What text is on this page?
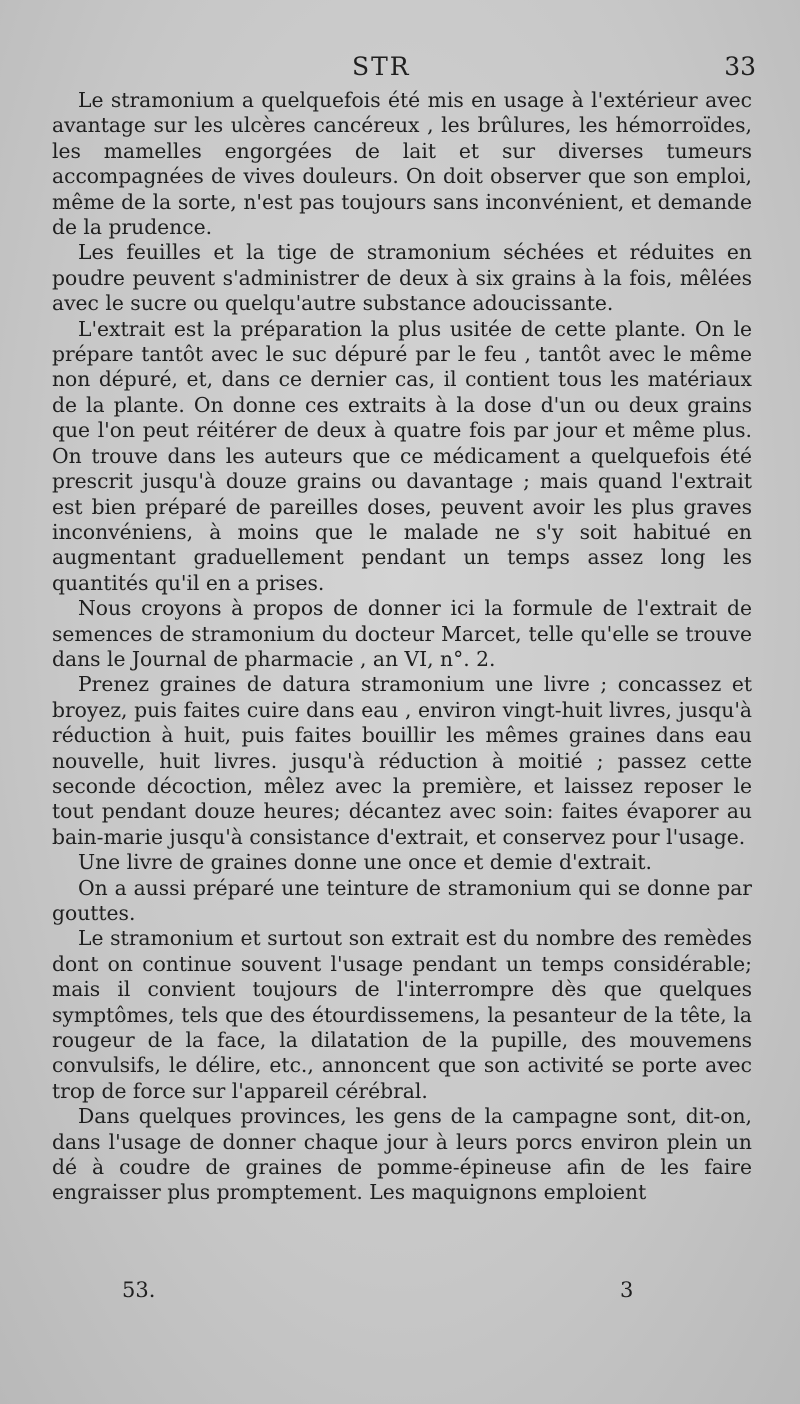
STR	33

Le stramonium a quelquefois été mis en usage à l'extérieur avec avantage sur les ulcères cancéreux , les brûlures, les hémorroïdes, les mamelles engorgées de lait et sur diverses tumeurs accompagnées de vives douleurs. On doit observer que son emploi, même de la sorte, n'est pas toujours sans inconvénient, et demande de la prudence.

Les feuilles et la tige de stramonium séchées et réduites en poudre peuvent s'administrer de deux à six grains à la fois, mêlées avec le sucre ou quelqu'autre substance adoucissante.

L'extrait est la préparation la plus usitée de cette plante. On le prépare tantôt avec le suc dépuré par le feu , tantôt avec le même non dépuré, et, dans ce dernier cas, il contient tous les matériaux de la plante. On donne ces extraits à la dose d'un ou deux grains que l'on peut réitérer de deux à quatre fois par jour et même plus. On trouve dans les auteurs que ce médicament a quelquefois été prescrit jusqu'à douze grains ou davantage ; mais quand l'extrait est bien préparé de pareilles doses, peuvent avoir les plus graves inconvéniens, à moins que le malade ne s'y soit habitué en augmentant graduellement pendant un temps assez long les quantités qu'il en a prises.

Nous croyons à propos de donner ici la formule de l'extrait de semences de stramonium du docteur Marcet, telle qu'elle se trouve dans le Journal de pharmacie , an VI, n°. 2.

Prenez graines de datura stramonium une livre ; concassez et broyez, puis faites cuire dans eau , environ vingt-huit livres, jusqu'à réduction à huit, puis faites bouillir les mêmes graines dans eau nouvelle, huit livres. jusqu'à réduction à moitié ; passez cette seconde décoction, mêlez avec la première, et laissez reposer le tout pendant douze heures; décantez avec soin: faites évaporer au bain-marie jusqu'à consistance d'extrait, et conservez pour l'usage.

Une livre de graines donne une once et demie d'extrait.

On a aussi préparé une teinture de stramonium qui se donne par gouttes.

Le stramonium et surtout son extrait est du nombre des remèdes dont on continue souvent l'usage pendant un temps considérable; mais il convient toujours de l'interrompre dès que quelques symptômes, tels que des étourdissemens, la pesanteur de la tête, la rougeur de la face, la dilatation de la pupille, des mouvemens convulsifs, le délire, etc., annoncent que son activité se porte avec trop de force sur l'appareil cérébral.

Dans quelques provinces, les gens de la campagne sont, dit-on, dans l'usage de donner chaque jour à leurs porcs environ plein un dé à coudre de graines de pomme-épineuse afin de les faire engraisser plus promptement. Les maquignons emploient

53.	3
